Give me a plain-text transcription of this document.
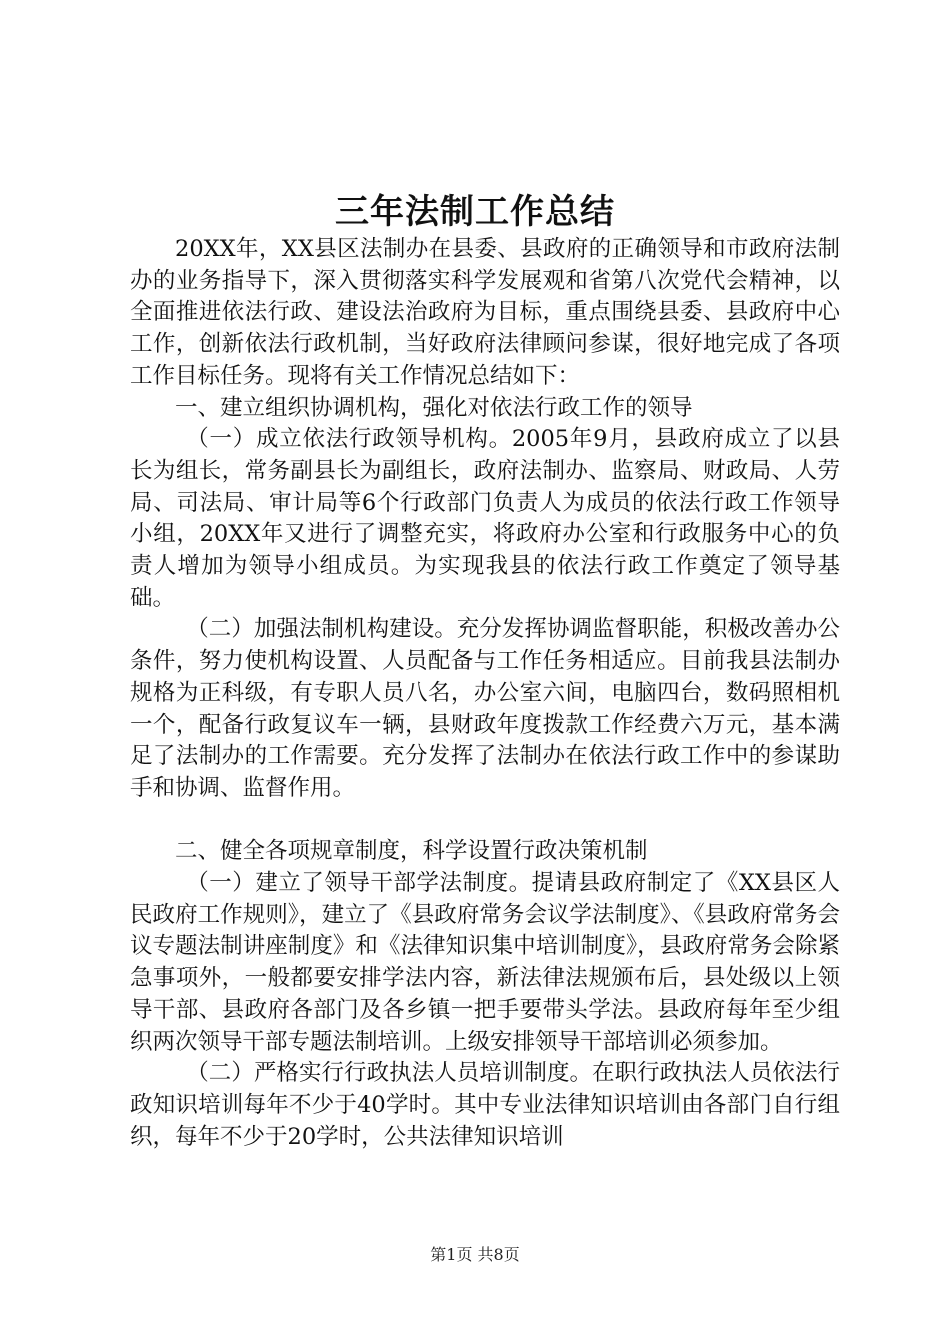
三年法制工作总结

20XX年，XX县区法制办在县委、县政府的正确领导和市政府法制办的业务指导下，深入贯彻落实科学发展观和省第八次党代会精神，以全面推进依法行政、建设法治政府为目标，重点围绕县委、县政府中心工作，创新依法行政机制，当好政府法律顾问参谋，很好地完成了各项工作目标任务。现将有关工作情况总结如下：

一、建立组织协调机构，强化对依法行政工作的领导

（一）成立依法行政领导机构。2005年9月，县政府成立了以县长为组长，常务副县长为副组长，政府法制办、监察局、财政局、人劳局、司法局、审计局等6个行政部门负责人为成员的依法行政工作领导小组，20XX年又进行了调整充实，将政府办公室和行政服务中心的负责人增加为领导小组成员。为实现我县的依法行政工作奠定了领导基础。

（二）加强法制机构建设。充分发挥协调监督职能，积极改善办公条件，努力使机构设置、人员配备与工作任务相适应。目前我县法制办规格为正科级，有专职人员八名，办公室六间，电脑四台，数码照相机一个，配备行政复议车一辆，县财政年度拨款工作经费六万元，基本满足了法制办的工作需要。充分发挥了法制办在依法行政工作中的参谋助手和协调、监督作用。

二、健全各项规章制度，科学设置行政决策机制

（一）建立了领导干部学法制度。提请县政府制定了《XX县区人民政府工作规则》，建立了《县政府常务会议学法制度》、《县政府常务会议专题法制讲座制度》和《法律知识集中培训制度》，县政府常务会除紧急事项外，一般都要安排学法内容，新法律法规颁布后，县处级以上领导干部、县政府各部门及各乡镇一把手要带头学法。县政府每年至少组织两次领导干部专题法制培训。上级安排领导干部培训必须参加。

（二）严格实行行政执法人员培训制度。在职行政执法人员依法行政知识培训每年不少于40学时。其中专业法律知识培训由各部门自行组织，每年不少于20学时，公共法律知识培训

第1页 共8页
